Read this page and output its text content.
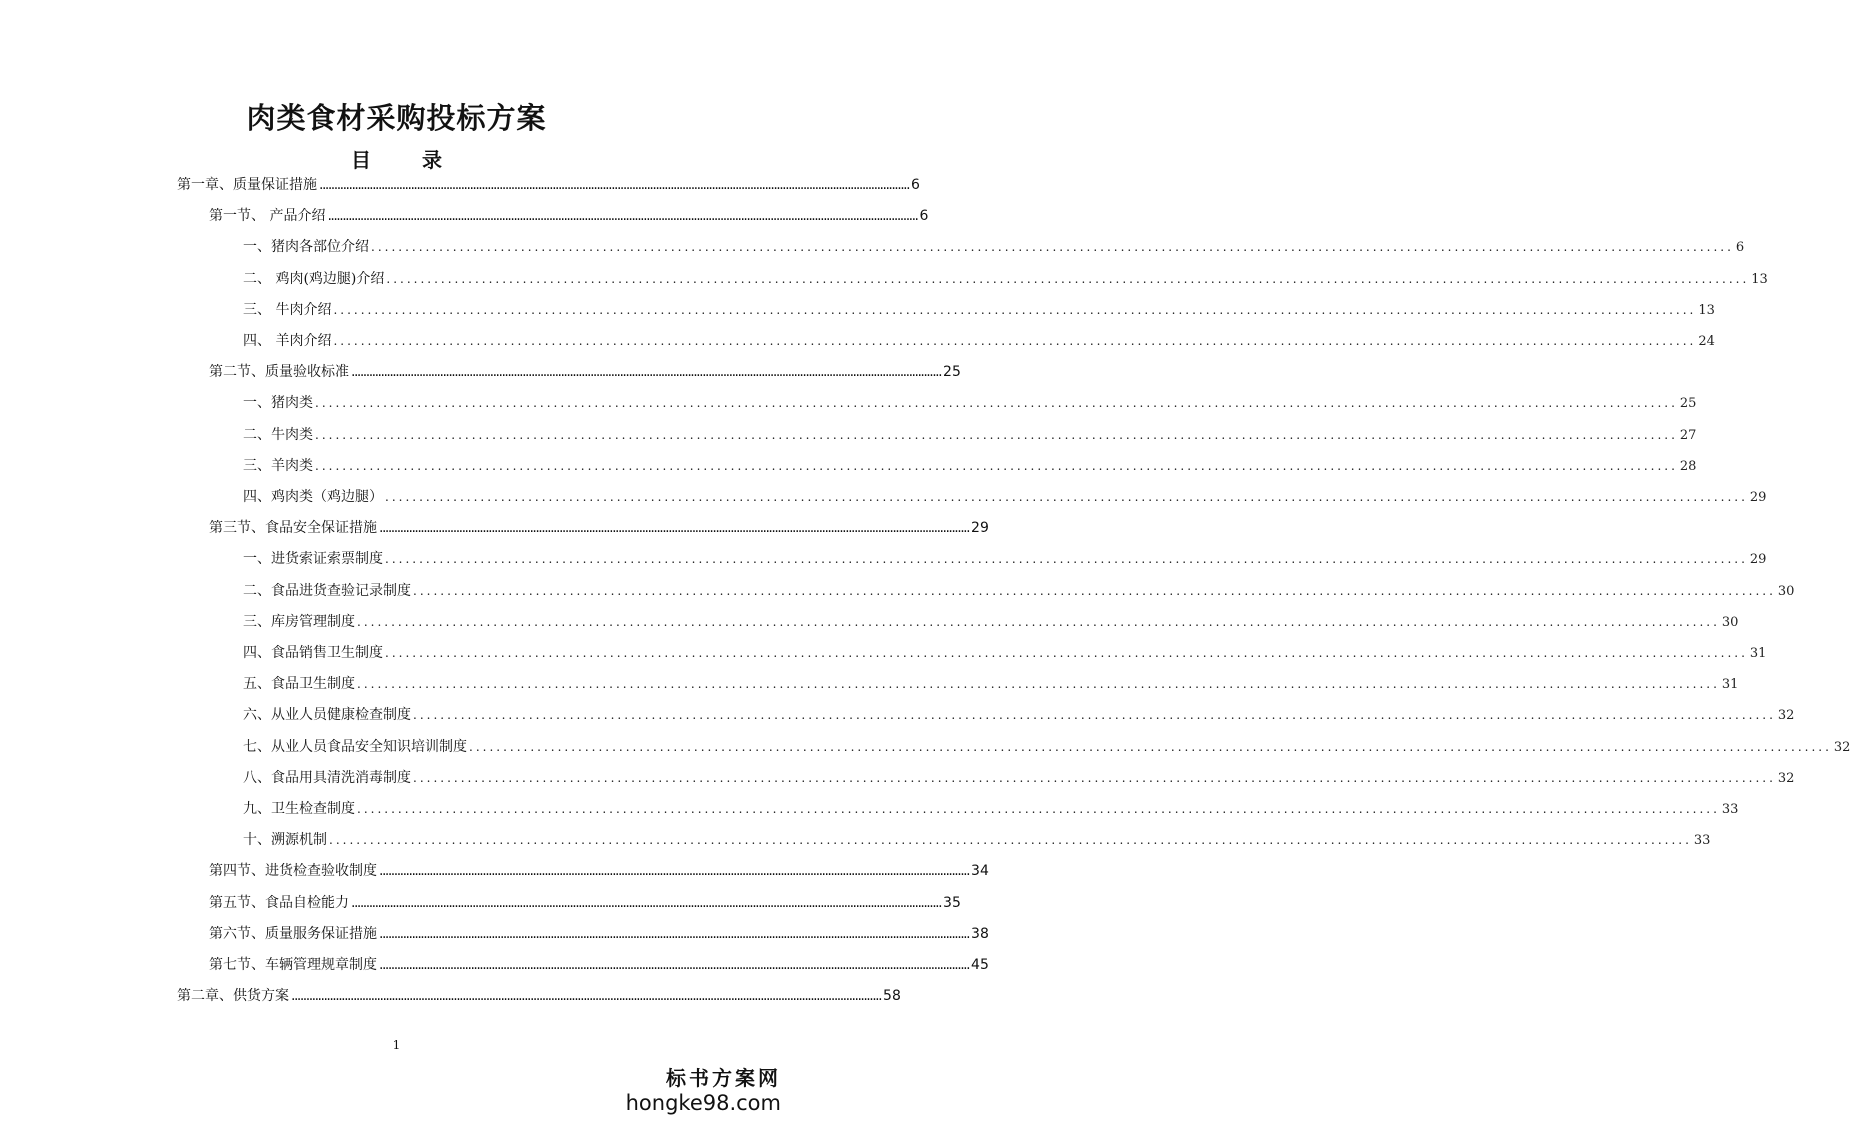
肉类食材采购投标方案
目 录
第一章、质量保证措施 ........................................................................................................................................................................................................ 6
第一节、 产品介绍 ........................................................................................................................................................................................................ 6
一、猪肉各部位介绍 ........................................................................................................................................................................................................ 6
二、 鸡肉(鸡边腿)介绍 ........................................................................................................................................................................................................ 13
三、 牛肉介绍 ........................................................................................................................................................................................................ 13
四、 羊肉介绍 ........................................................................................................................................................................................................ 24
第二节、质量验收标准 ........................................................................................................................................................................................................ 25
一、猪肉类 ........................................................................................................................................................................................................ 25
二、牛肉类 ........................................................................................................................................................................................................ 27
三、羊肉类 ........................................................................................................................................................................................................ 28
四、鸡肉类（鸡边腿） ........................................................................................................................................................................................................ 29
第三节、食品安全保证措施 ........................................................................................................................................................................................................ 29
一、进货索证索票制度 ........................................................................................................................................................................................................ 29
二、食品进货查验记录制度 ........................................................................................................................................................................................................ 30
三、库房管理制度 ........................................................................................................................................................................................................ 30
四、食品销售卫生制度 ........................................................................................................................................................................................................ 31
五、食品卫生制度 ........................................................................................................................................................................................................ 31
六、从业人员健康检查制度 ........................................................................................................................................................................................................ 32
七、从业人员食品安全知识培训制度 ........................................................................................................................................................................................................ 32
八、食品用具清洗消毒制度 ........................................................................................................................................................................................................ 32
九、卫生检查制度 ........................................................................................................................................................................................................ 33
十、溯源机制 ........................................................................................................................................................................................................ 33
第四节、进货检查验收制度 ........................................................................................................................................................................................................ 34
第五节、食品自检能力 ........................................................................................................................................................................................................ 35
第六节、质量服务保证措施 ........................................................................................................................................................................................................ 38
第七节、车辆管理规章制度 ........................................................................................................................................................................................................ 45
第二章、供货方案 ........................................................................................................................................................................................................ 58
1
标书方案网
hongke98.com
